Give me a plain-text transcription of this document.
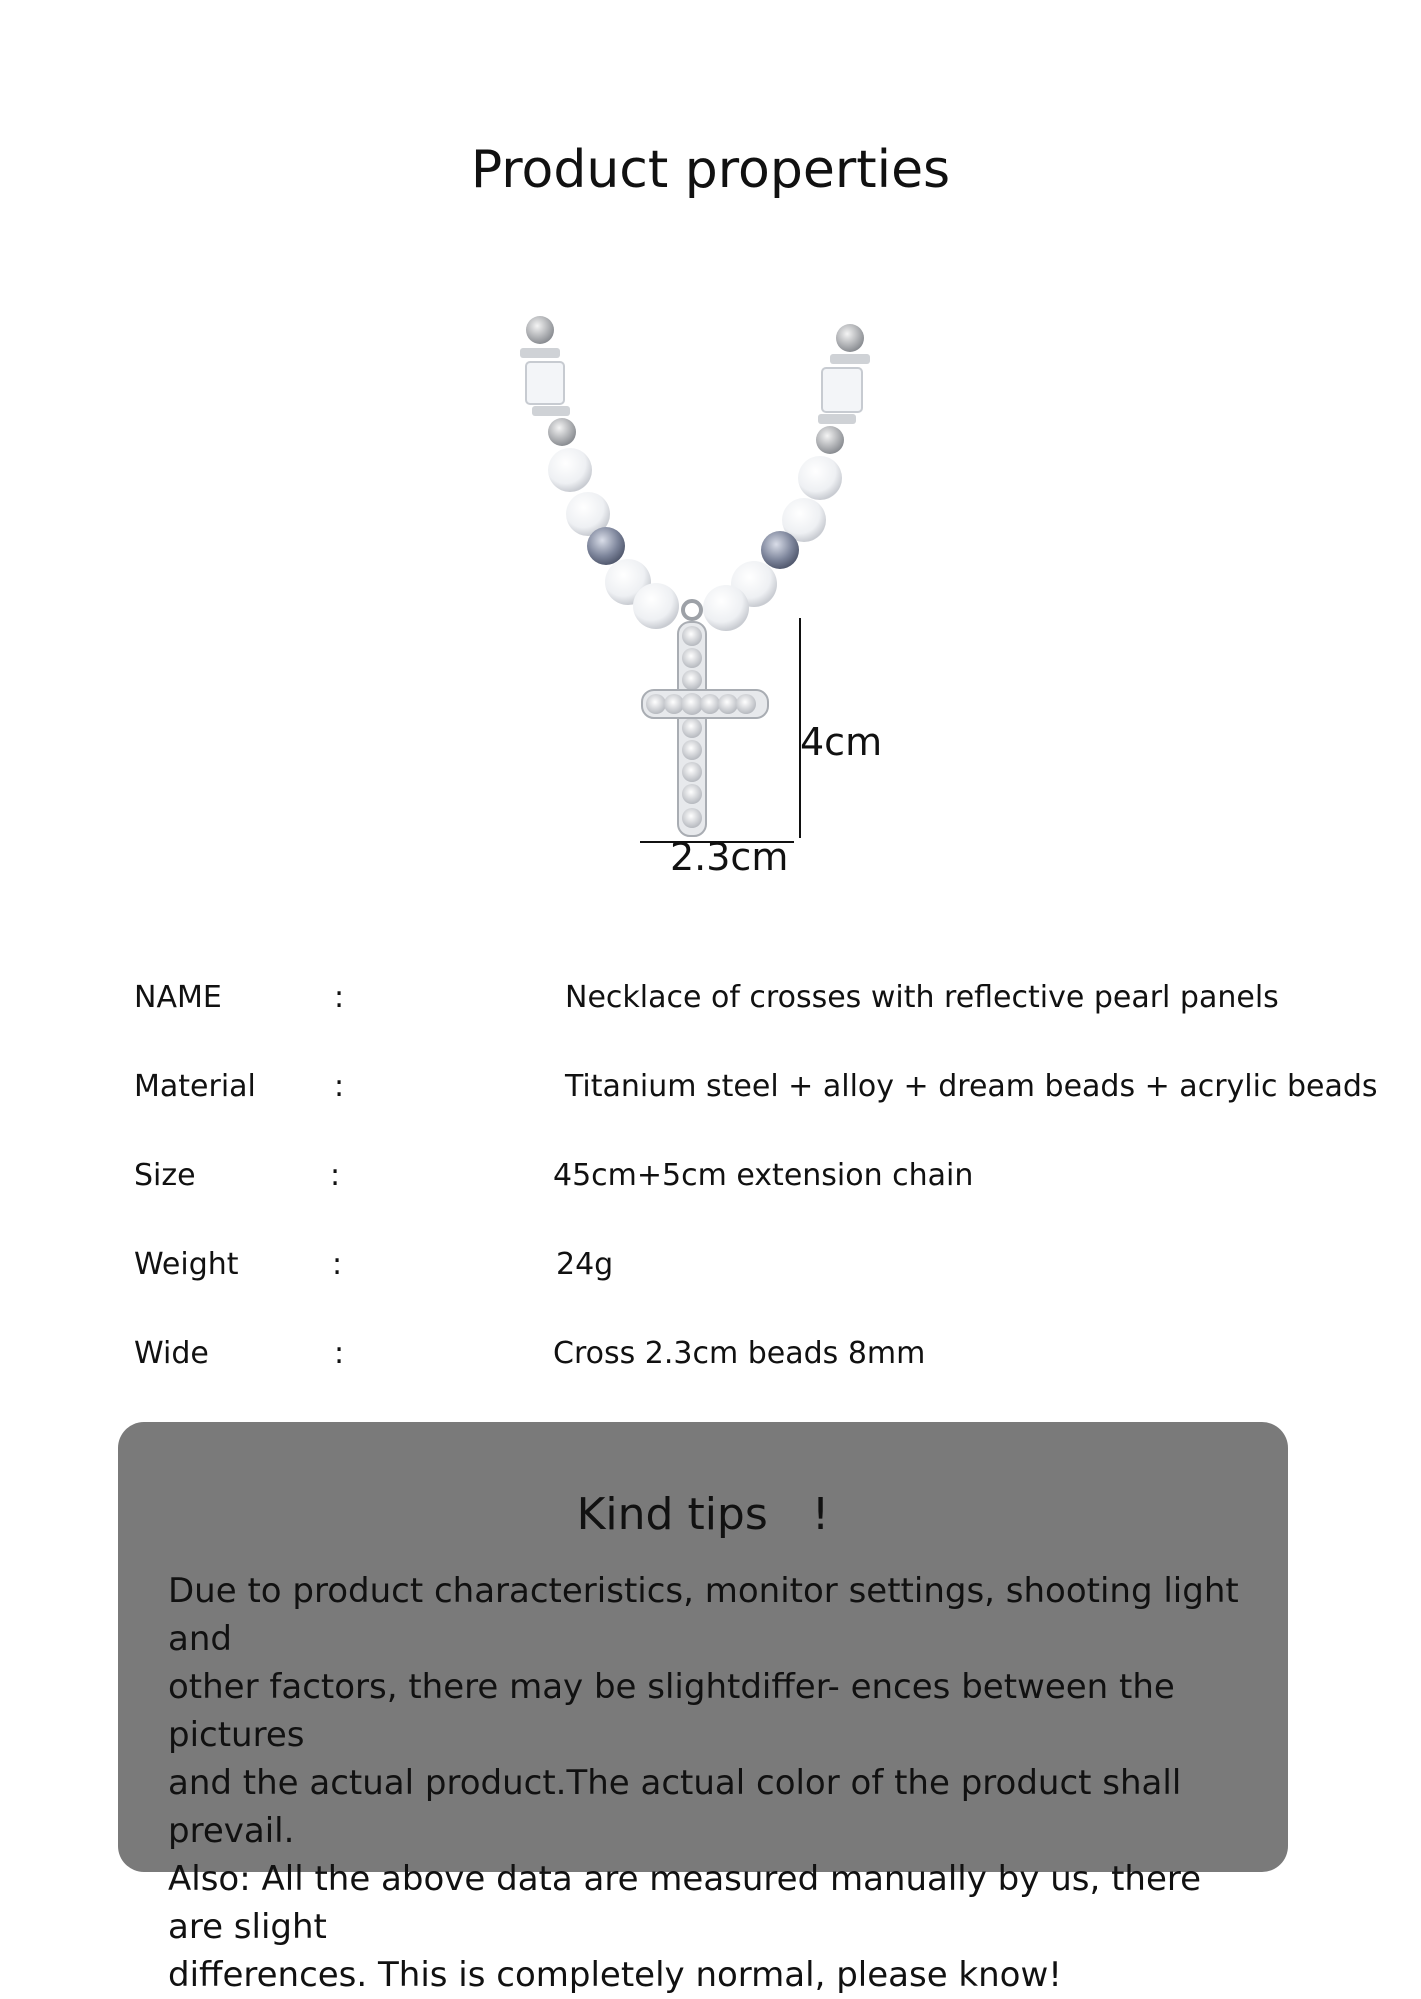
Product properties
4cm
2.3cm
NAME	:	Necklace of crosses with reflective pearl panels
Material	:	Titanium steel + alloy + dream beads + acrylic beads
Size	:	45cm+5cm extension chain
Weight	:	24g
Wide	:	Cross 2.3cm beads 8mm
Kind tips　!
Due to product characteristics, monitor settings, shooting light and
other factors, there may be slightdiffer- ences between the pictures
and the actual product.The actual color of the product shall prevail.
Also: All the above data are measured manually by us, there are slight
differences. This is completely normal, please know!
